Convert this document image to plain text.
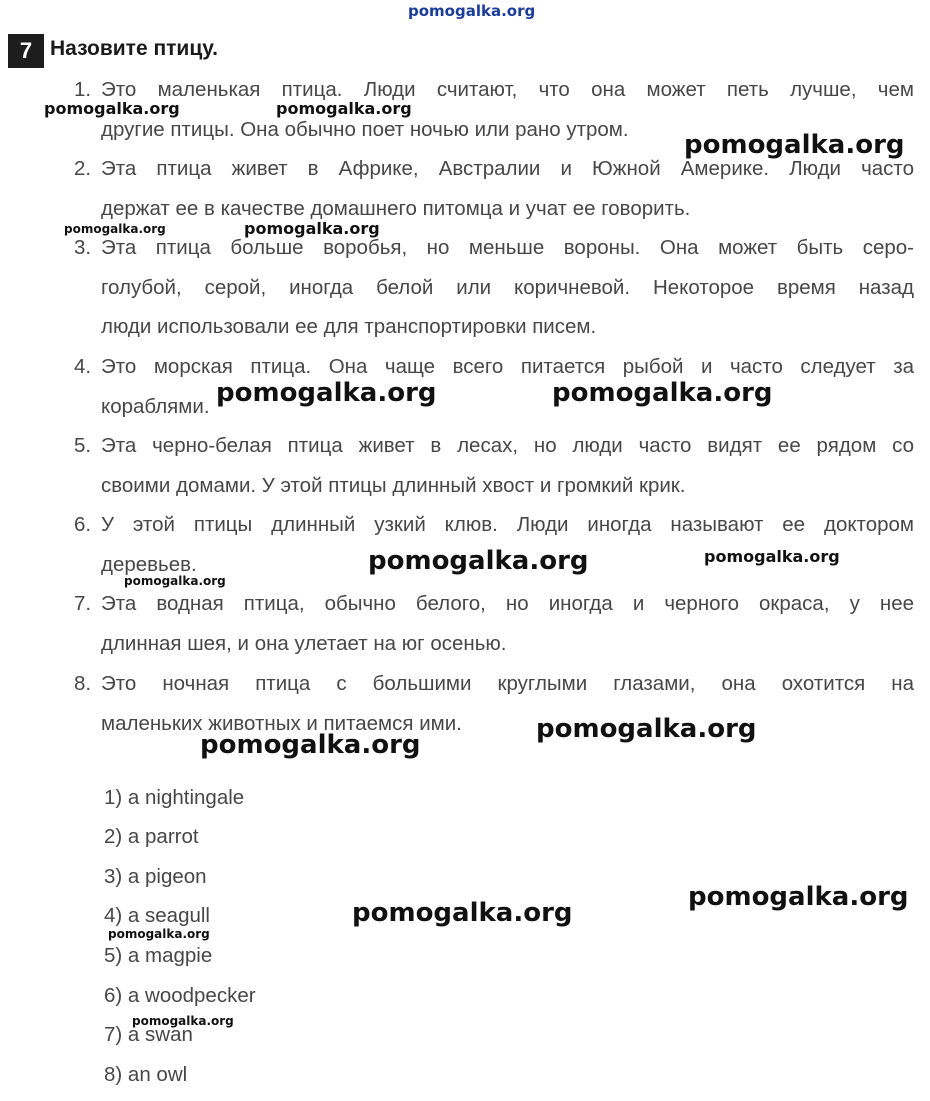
pomogalka.org
7 Назовите птицу.
1. Это маленькая птица. Люди считают, что она может петь лучше, чем
другие птицы. Она обычно поет ночью или рано утром.
2. Эта птица живет в Африке, Австралии и Южной Америке. Люди часто
держат ее в качестве домашнего питомца и учат ее говорить.
3. Эта птица больше воробья, но меньше вороны. Она может быть серо-
голубой, серой, иногда белой или коричневой. Некоторое время назад
люди использовали ее для транспортировки писем.
4. Это морская птица. Она чаще всего питается рыбой и часто следует за
кораблями.
5. Эта черно-белая птица живет в лесах, но люди часто видят ее рядом со
своими домами. У этой птицы длинный хвост и громкий крик.
6. У этой птицы длинный узкий клюв. Люди иногда называют ее доктором
деревьев.
7. Эта водная птица, обычно белого, но иногда и черного окраса, у нее
длинная шея, и она улетает на юг осенью.
8. Это ночная птица с большими круглыми глазами, она охотится на
маленьких животных и питаемся ими.
1) a nightingale
2) a parrot
3) a pigeon
4) a seagull
5) a magpie
6) a woodpecker
7) a swan
8) an owl
pomogalka.org	pomogalka.org
pomogalka.org
pomogalka.org	pomogalka.org
pomogalka.org	pomogalka.org
pomogalka.org	pomogalka.org
pomogalka.org
pomogalka.org
pomogalka.org
pomogalka.org
pomogalka.org
pomogalka.org
pomogalka.org
